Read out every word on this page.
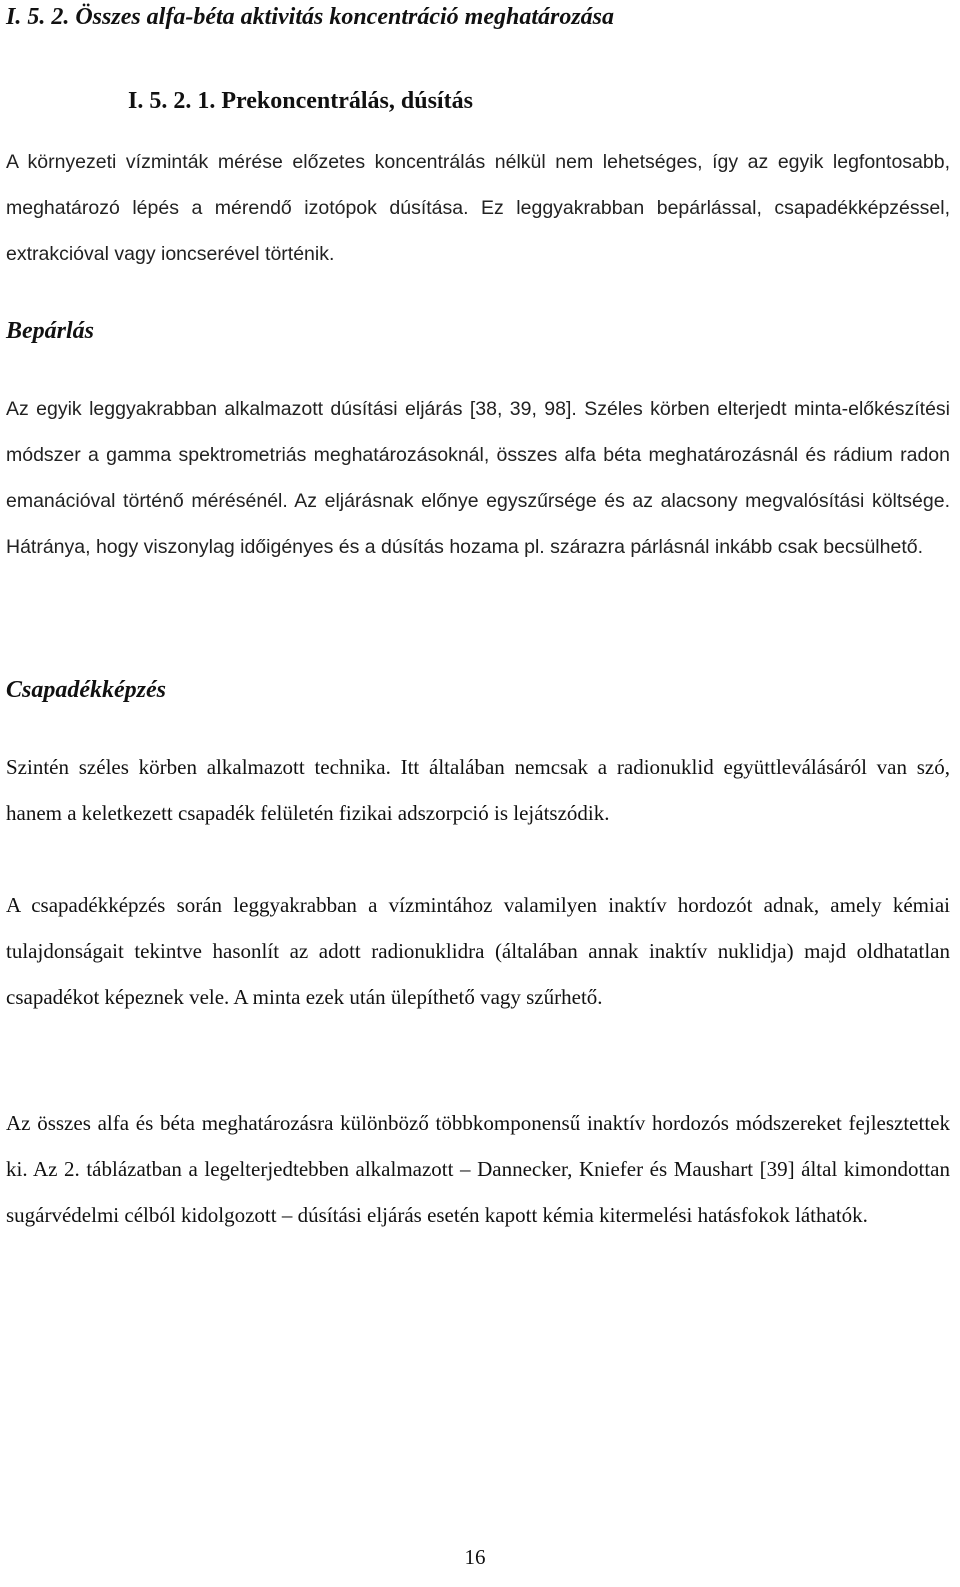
I. 5. 2. Összes alfa-béta aktivitás koncentráció meghatározása
I. 5. 2. 1. Prekoncentrálás, dúsítás

A környezeti vízminták mérése előzetes koncentrálás nélkül nem lehetséges, így az egyik legfontosabb, meghatározó lépés a mérendő izotópok dúsítása. Ez leggyakrabban bepárlással, csapadékképzéssel, extrakcióval vagy ioncserével történik.

Bepárlás

Az egyik leggyakrabban alkalmazott dúsítási eljárás [38, 39, 98]. Széles körben elterjedt minta-előkészítési módszer a gamma spektrometriás meghatározásoknál, összes alfa béta meghatározásnál és rádium radon emanációval történő mérésénél. Az eljárásnak előnye egyszűrsége és az alacsony megvalósítási költsége. Hátránya, hogy viszonylag időigényes és a dúsítás hozama pl. szárazra párlásnál inkább csak becsülhető.

Csapadékképzés

Szintén széles körben alkalmazott technika. Itt általában nemcsak a radionuklid együttleválásáról van szó, hanem a keletkezett csapadék felületén fizikai adszorpció is lejátszódik.

A csapadékképzés során leggyakrabban a vízmintához valamilyen inaktív hordozót adnak, amely kémiai tulajdonságait tekintve hasonlít az adott radionuklidra (általában annak inaktív nuklidja) majd oldhatatlan csapadékot képeznek vele. A minta ezek után ülepíthető vagy szűrhető.

Az összes alfa és béta meghatározásra különböző többkomponensű inaktív hordozós módszereket fejlesztettek ki. Az 2. táblázatban a legelterjedtebben alkalmazott – Dannecker, Kniefer és Maushart [39] által kimondottan sugárvédelmi célból kidolgozott – dúsítási eljárás esetén kapott kémia kitermelési hatásfokok láthatók.

16
